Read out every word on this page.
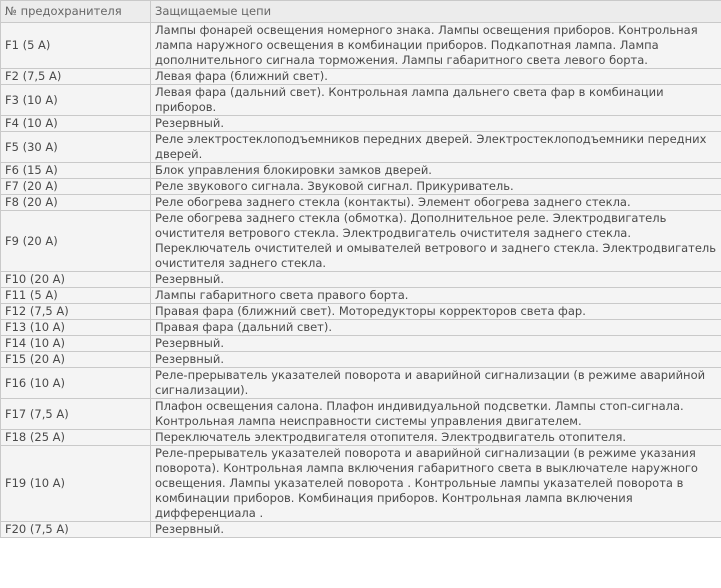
№ предохранителя	Защищаемые цепи
F1 (5 А)	Лампы фонарей освещения номерного знака. Лампы освещения приборов. Контрольная лампа наружного освещения в комбинации приборов. Подкапотная лампа. Лампа дополнительного сигнала торможения. Лампы габаритного света левого борта.
F2 (7,5 А)	Левая фара (ближний свет).
F3 (10 А)	Левая фара (дальний свет). Контрольная лампа дальнего света фар в комбинации приборов.
F4 (10 А)	Резервный.
F5 (30 А)	Реле электростеклоподъемников передних дверей. Электростеклоподъемники передних дверей.
F6 (15 А)	Блок управления блокировки замков дверей.
F7 (20 А)	Реле звукового сигнала. Звуковой сигнал. Прикуриватель.
F8 (20 А)	Реле обогрева заднего стекла (контакты). Элемент обогрева заднего стекла.
F9 (20 А)	Реле обогрева заднего стекла (обмотка). Дополнительное реле. Электродвигатель очистителя ветрового стекла. Электродвигатель очистителя заднего стекла. Переключатель очистителей и омывателей ветрового и заднего стекла. Электродвигатель очистителя заднего стекла.
F10 (20 А)	Резервный.
F11 (5 А)	Лампы габаритного света правого борта.
F12 (7,5 А)	Правая фара (ближний свет). Моторедукторы корректоров света фар.
F13 (10 А)	Правая фара (дальний свет).
F14 (10 А)	Резервный.
F15 (20 А)	Резервный.
F16 (10 А)	Реле-прерыватель указателей поворота и аварийной сигнализации (в режиме аварийной сигнализации).
F17 (7,5 А)	Плафон освещения салона. Плафон индивидуальной подсветки. Лампы стоп-сигнала. Контрольная лампа неисправности системы управления двигателем.
F18 (25 А)	Переключатель электродвигателя отопителя. Электродвигатель отопителя.
F19 (10 А)	Реле-прерыватель указателей поворота и аварийной сигнализации (в режиме указания поворота). Контрольная лампа включения габаритного света в выключателе наружного освещения. Лампы указателей поворота . Контрольные лампы указателей поворота в комбинации приборов. Комбинация приборов. Контрольная лампа включения дифференциала .
F20 (7,5 А)	Резервный.
